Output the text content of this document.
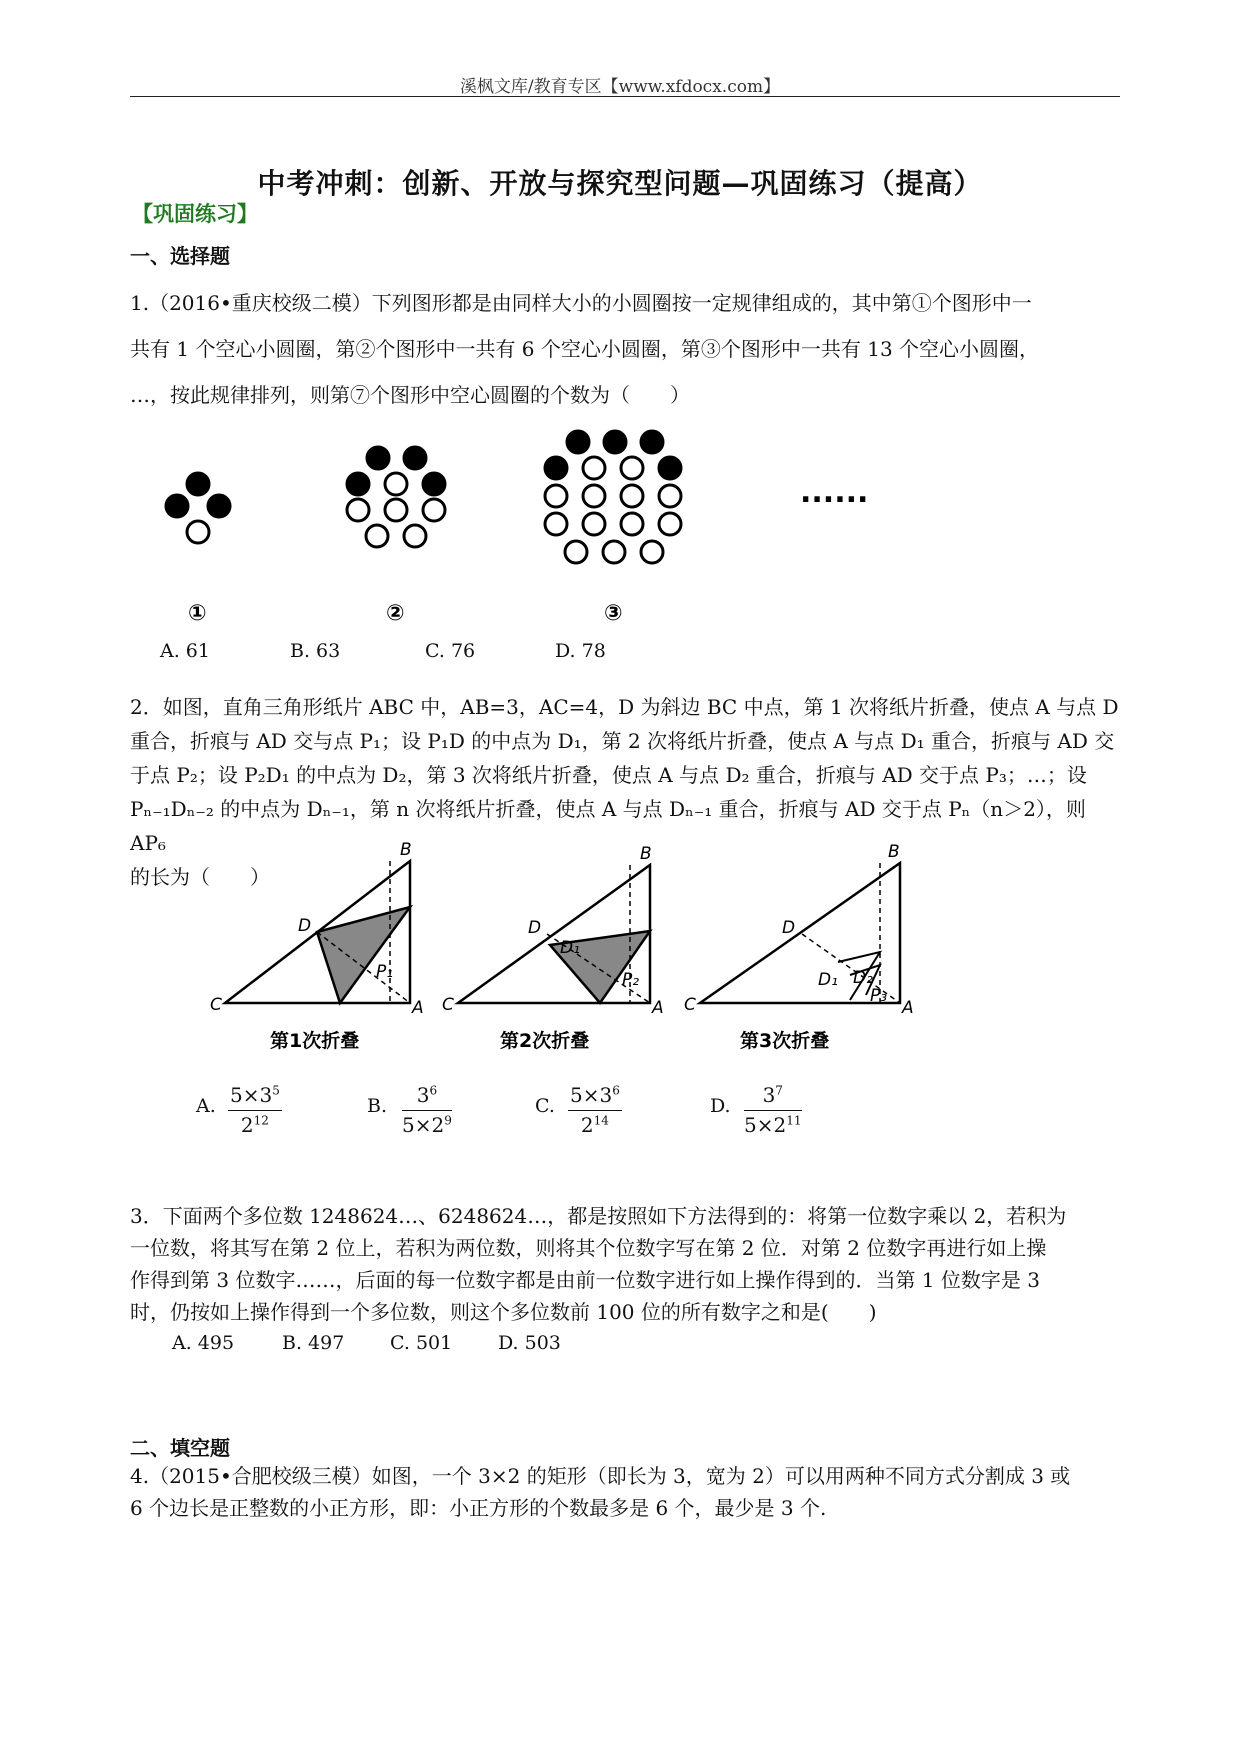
溪枫文库/教育专区【www.xfdocx.com】
中考冲刺：创新、开放与探究型问题—巩固练习（提高）
【巩固练习】
一、选择题
1.（2016•重庆校级二模）下列图形都是由同样大小的小圆圈按一定规律组成的，其中第①个图形中一
共有 1 个空心小圆圈，第②个图形中一共有 6 个空心小圆圈，第③个图形中一共有 13 个空心小圆圈，
…，按此规律排列，则第⑦个图形中空心圆圈的个数为（　　）
......
①	②	③
A. 61	B. 63	C. 76	D. 78
2．如图，直角三角形纸片 ABC 中，AB=3，AC=4，D 为斜边 BC 中点，第 1 次将纸片折叠，使点 A 与点 D
重合，折痕与 AD 交与点 P₁；设 P₁D 的中点为 D₁，第 2 次将纸片折叠，使点 A 与点 D₁ 重合，折痕与 AD 交
于点 P₂；设 P₂D₁ 的中点为 D₂，第 3 次将纸片折叠，使点 A 与点 D₂ 重合，折痕与 AD 交于点 P₃；…；设
Pₙ₋₁Dₙ₋₂ 的中点为 Dₙ₋₁，第 n 次将纸片折叠，使点 A 与点 Dₙ₋₁ 重合，折痕与 AD 交于点 Pₙ（n＞2），则 AP₆
的长为（　　）
C	A
B
D
P₁
第1次折叠
C	A
B
D
D₁
P₂
第2次折叠
C	A
B
D
D₁ D₂
P₃
第3次折叠
A. $\frac{5\times 3^5}{2^{12}}$	B. $\frac{3^6}{5\times 2^9}$	C. $\frac{5\times 3^6}{2^{14}}$	D. $\frac{3^7}{5\times 2^{11}}$
3．下面两个多位数 1248624…、6248624…，都是按照如下方法得到的：将第一位数字乘以 2，若积为
一位数，将其写在第 2 位上，若积为两位数，则将其个位数字写在第 2 位．对第 2 位数字再进行如上操
作得到第 3 位数字……，后面的每一位数字都是由前一位数字进行如上操作得到的．当第 1 位数字是 3
时，仍按如上操作得到一个多位数，则这个多位数前 100 位的所有数字之和是(　　)
A. 495	B. 497 C. 501 D. 503
二、填空题
4.（2015•合肥校级三模）如图，一个 3×2 的矩形（即长为 3，宽为 2）可以用两种不同方式分割成 3 或
6 个边长是正整数的小正方形，即：小正方形的个数最多是 6 个，最少是 3 个.
